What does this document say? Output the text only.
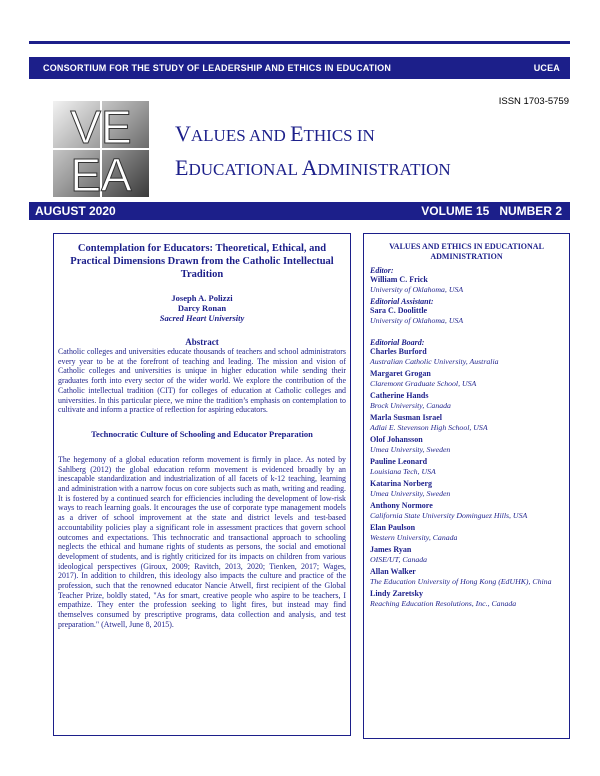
CONSORTIUM FOR THE STUDY OF LEADERSHIP AND ETHICS IN EDUCATION	UCEA
ISSN 1703-5759
VE
EA
VALUES AND ETHICS IN
EDUCATIONAL ADMINISTRATION
AUGUST 2020	VOLUME 15   NUMBER 2
Contemplation for Educators: Theoretical, Ethical, and Practical Dimensions Drawn from the Catholic Intellectual Tradition
Joseph A. Polizzi
Darcy Ronan
Sacred Heart University
Abstract
Catholic colleges and universities educate thousands of teachers and school administrators every year to be at the forefront of teaching and leading. The mission and vision of Catholic colleges and universities is unique in higher education while sending their graduates forth into every sector of the wider world. We explore the contribution of the Catholic intellectual tradition (CIT) for colleges of education at Catholic colleges and universities. In this particular piece, we mine the tradition’s emphasis on contemplation to cultivate and inform a practice of reflection for aspiring educators.
Technocratic Culture of Schooling and Educator Preparation
The hegemony of a global education reform movement is firmly in place. As noted by Sahlberg (2012) the global education reform movement is evidenced broadly by an inescapable standardization and industrialization of all facets of k-12 teaching, learning and administration with a narrow focus on core subjects such as math, writing and reading. It is fostered by a continued search for efficiencies including the development of low-risk ways to reach learning goals. It encourages the use of corporate type management models as a driver of school improvement at the state and district levels and test-based accountability policies play a significant role in assessment practices that govern school outcomes and expectations. This technocratic and transactional approach to schooling neglects the ethical and humane rights of students as persons, the social and emotional development of students, and is rightly criticized for its impacts on children from various ideological perspectives (Giroux, 2009; Ravitch, 2013, 2020; Tienken, 2017; Wages, 2017). In addition to children, this ideology also impacts the culture and practice of the profession, such that the renowned educator Nancie Atwell, first recipient of the Global Teacher Prize, boldly stated, "As for smart, creative people who aspire to be teachers, I empathize. They enter the profession seeking to light fires, but instead may find themselves consumed by prescriptive programs, data collection and analysis, and test preparation." (Atwell, June 8, 2015).
VALUES AND ETHICS IN EDUCATIONAL ADMINISTRATION
Editor:
William C. Frick
University of Oklahoma, USA
Editorial Assistant:
Sara C. Doolittle
University of Oklahoma, USA
Editorial Board:
Charles Burford
Australian Catholic University, Australia
Margaret Grogan
Claremont Graduate School, USA
Catherine Hands
Brock University, Canada
Marla Susman Israel
Adlai E. Stevenson High School, USA
Olof Johansson
Umea University, Sweden
Pauline Leonard
Louisiana Tech, USA
Katarina Norberg
Umea University, Sweden
Anthony Normore
California State University Dominguez Hills, USA
Elan Paulson
Western University, Canada
James Ryan
OISE/UT, Canada
Allan Walker
The Education University of Hong Kong (EdUHK), China
Lindy Zaretsky
Reaching Education Resolutions, Inc., Canada
